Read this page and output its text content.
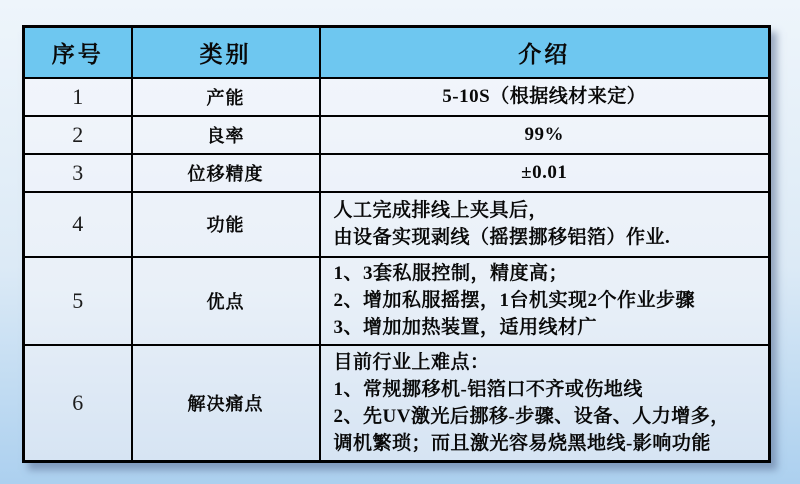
序号	类别	介绍
1	产能	5-10S（根据线材来定）

2	良率	99%

3	位移精度	±0.01

4	功能	人工完成排线上夹具后，
由设备实现剥线（摇摆挪移铝箔）作业.

5	优点	1、3套私服控制，精度高；
2、增加私服摇摆，1台机实现2个作业步骤
3、增加加热装置，适用线材广

6	解决痛点	目前行业上难点：
1、常规挪移机-铝箔口不齐或伤地线
2、先UV激光后挪移-步骤、设备、人力增多，
调机繁琐；而且激光容易烧黑地线-影响功能
